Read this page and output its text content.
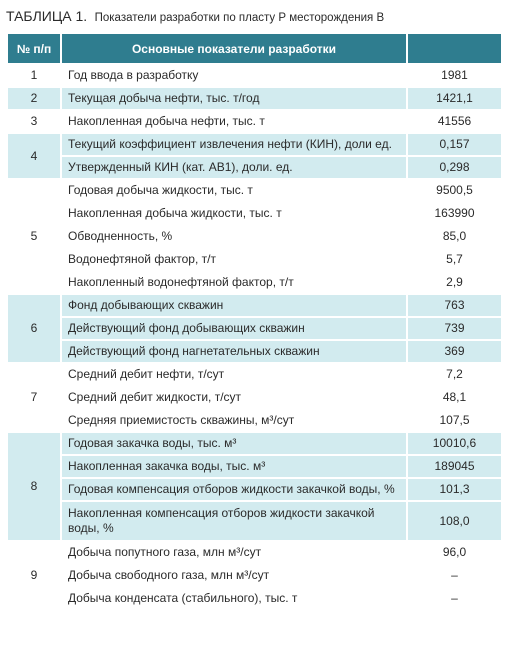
ТАБЛИЦА 1. Показатели разработки по пласту Р месторождения В
№ п/п	Основные показатели разработки	
1	Год ввода в разработку	1981
2	Текущая добыча нефти, тыс. т/год	1421,1
3	Накопленная добыча нефти, тыс. т	41556
4	Текущий коэффициент извлечения нефти (КИН), доли ед.	0,157
	Утвержденный КИН (кат. АВ1), доли. ед.	0,298
5	Годовая добыча жидкости, тыс. т	9500,5
	Накопленная добыча жидкости, тыс. т	163990
	Обводненность, %	85,0
	Водонефтяной фактор, т/т	5,7
	Накопленный водонефтяной фактор, т/т	2,9
6	Фонд добывающих скважин	763
	Действующий фонд добывающих скважин	739
	Действующий фонд нагнетательных скважин	369
7	Средний дебит нефти, т/сут	7,2
	Средний дебит жидкости, т/сут	48,1
	Средняя приемистость скважины, м³/сут	107,5
8	Годовая закачка воды, тыс. м³	10010,6
	Накопленная закачка воды, тыс. м³	189045
	Годовая компенсация отборов жидкости закачкой воды, %	101,3
	Накопленная компенсация отборов жидкости закачкой воды, %	108,0
9	Добыча попутного газа, млн м³/сут	96,0
	Добыча свободного газа, млн м³/сут	–
	Добыча конденсата (стабильного), тыс. т	–
